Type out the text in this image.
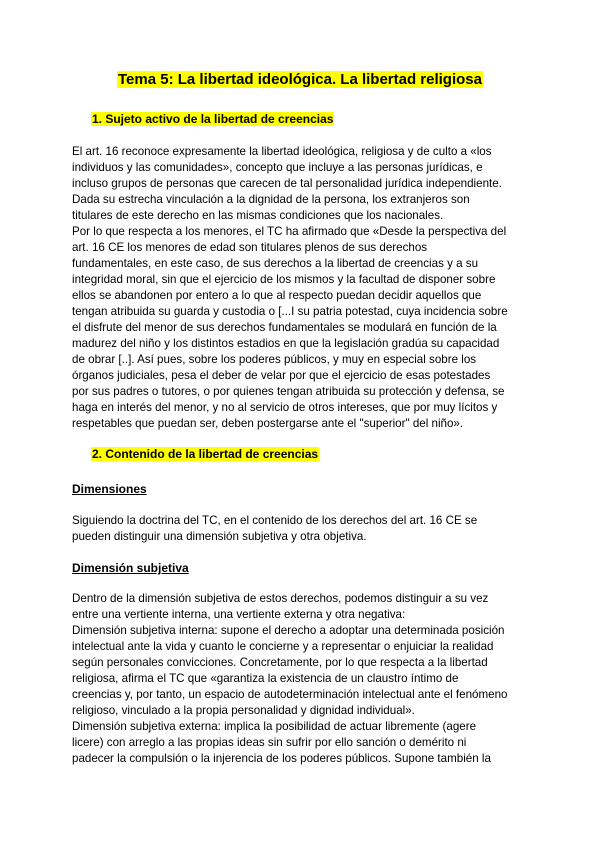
Tema 5: La libertad ideológica. La libertad religiosa
1. Sujeto activo de la libertad de creencias
El art. 16 reconoce expresamente la libertad ideológica, religiosa y de culto a «los
individuos y las comunidades», concepto que incluye a las personas jurídicas, e
incluso grupos de personas que carecen de tal personalidad jurídica independiente.
Dada su estrecha vinculación a la dignidad de la persona, los extranjeros son
titulares de este derecho en las mismas condiciones que los nacionales.
Por lo que respecta a los menores, el TC ha afirmado que «Desde la perspectiva del
art. 16 CE los menores de edad son titulares plenos de sus derechos
fundamentales, en este caso, de sus derechos a la libertad de creencias y a su
integridad moral, sin que el ejercicio de los mismos y la facultad de disponer sobre
ellos se abandonen por entero a lo que al respecto puedan decidir aquellos que
tengan atribuida su guarda y custodia o [...I su patria potestad, cuya incidencia sobre
el disfrute del menor de sus derechos fundamentales se modulará en función de la
madurez del niño y los distintos estadios en que la legislación gradúa su capacidad
de obrar [..]. Así pues, sobre los poderes públicos, y muy en especial sobre los
órganos judiciales, pesa el deber de velar por que el ejercicio de esas potestades
por sus padres o tutores, o por quienes tengan atribuida su protección y defensa, se
haga en interés del menor, y no al servicio de otros intereses, que por muy lícitos y
respetables que puedan ser, deben postergarse ante el "superior" del niño».
2. Contenido de la libertad de creencias
Dimensiones
Siguiendo la doctrina del TC, en el contenido de los derechos del art. 16 CE se
pueden distinguir una dimensión subjetiva y otra objetiva.
Dimensión subjetiva
Dentro de la dimensión subjetiva de estos derechos, podemos distinguir a su vez
entre una vertiente interna, una vertiente externa y otra negativa:
Dimensión subjetiva interna: supone el derecho a adoptar una determinada posición
intelectual ante la vida y cuanto le concierne y a representar o enjuiciar la realidad
según personales convicciones. Concretamente, por lo que respecta a la libertad
religiosa, afirma el TC que «garantiza la existencia de un claustro íntimo de
creencias y, por tanto, un espacio de autodeterminación intelectual ante el fenómeno
religioso, vinculado a la propia personalidad y dignidad individual».
Dimensión subjetiva externa: implica la posibilidad de actuar libremente (agere
licere) con arreglo a las propias ideas sin sufrir por ello sanción o demérito ni
padecer la compulsión o la injerencia de los poderes públicos. Supone también la
